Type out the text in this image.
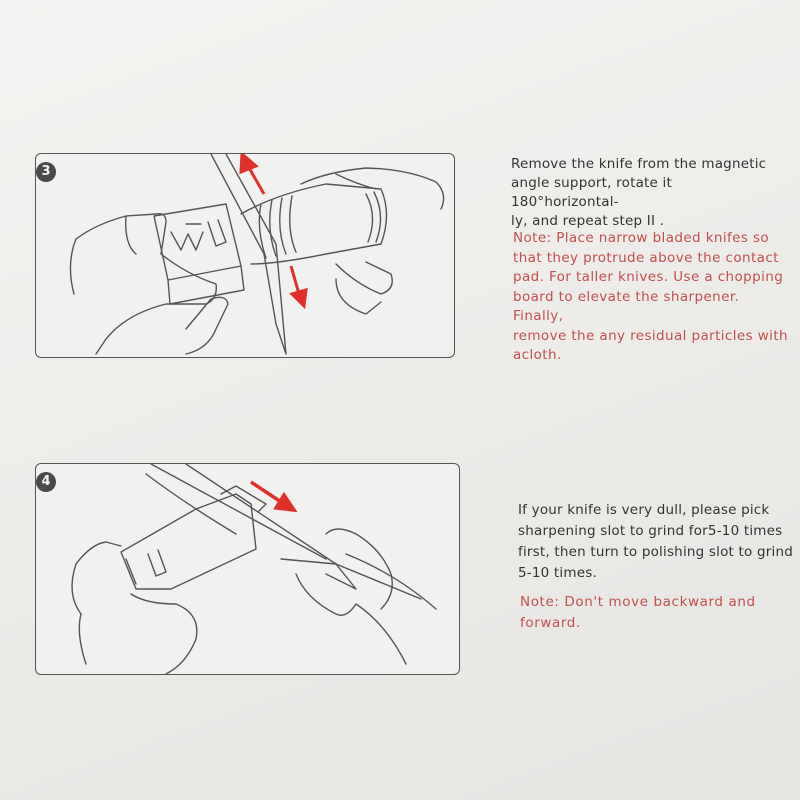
3	Remove the knife from the magnetic
angle support, rotate it 180°horizontal-
ly, and repeat step II .
Note: Place narrow bladed knifes so
that they protrude above the contact
pad. For taller knives. Use a chopping
board to elevate the sharpener. Finally,
remove the any residual particles with
acloth.
4
If your knife is very dull, please pick
sharpening slot to grind for5-10 times
first, then turn to polishing slot to grind
5-10 times.
Note: Don't move backward and
forward.
